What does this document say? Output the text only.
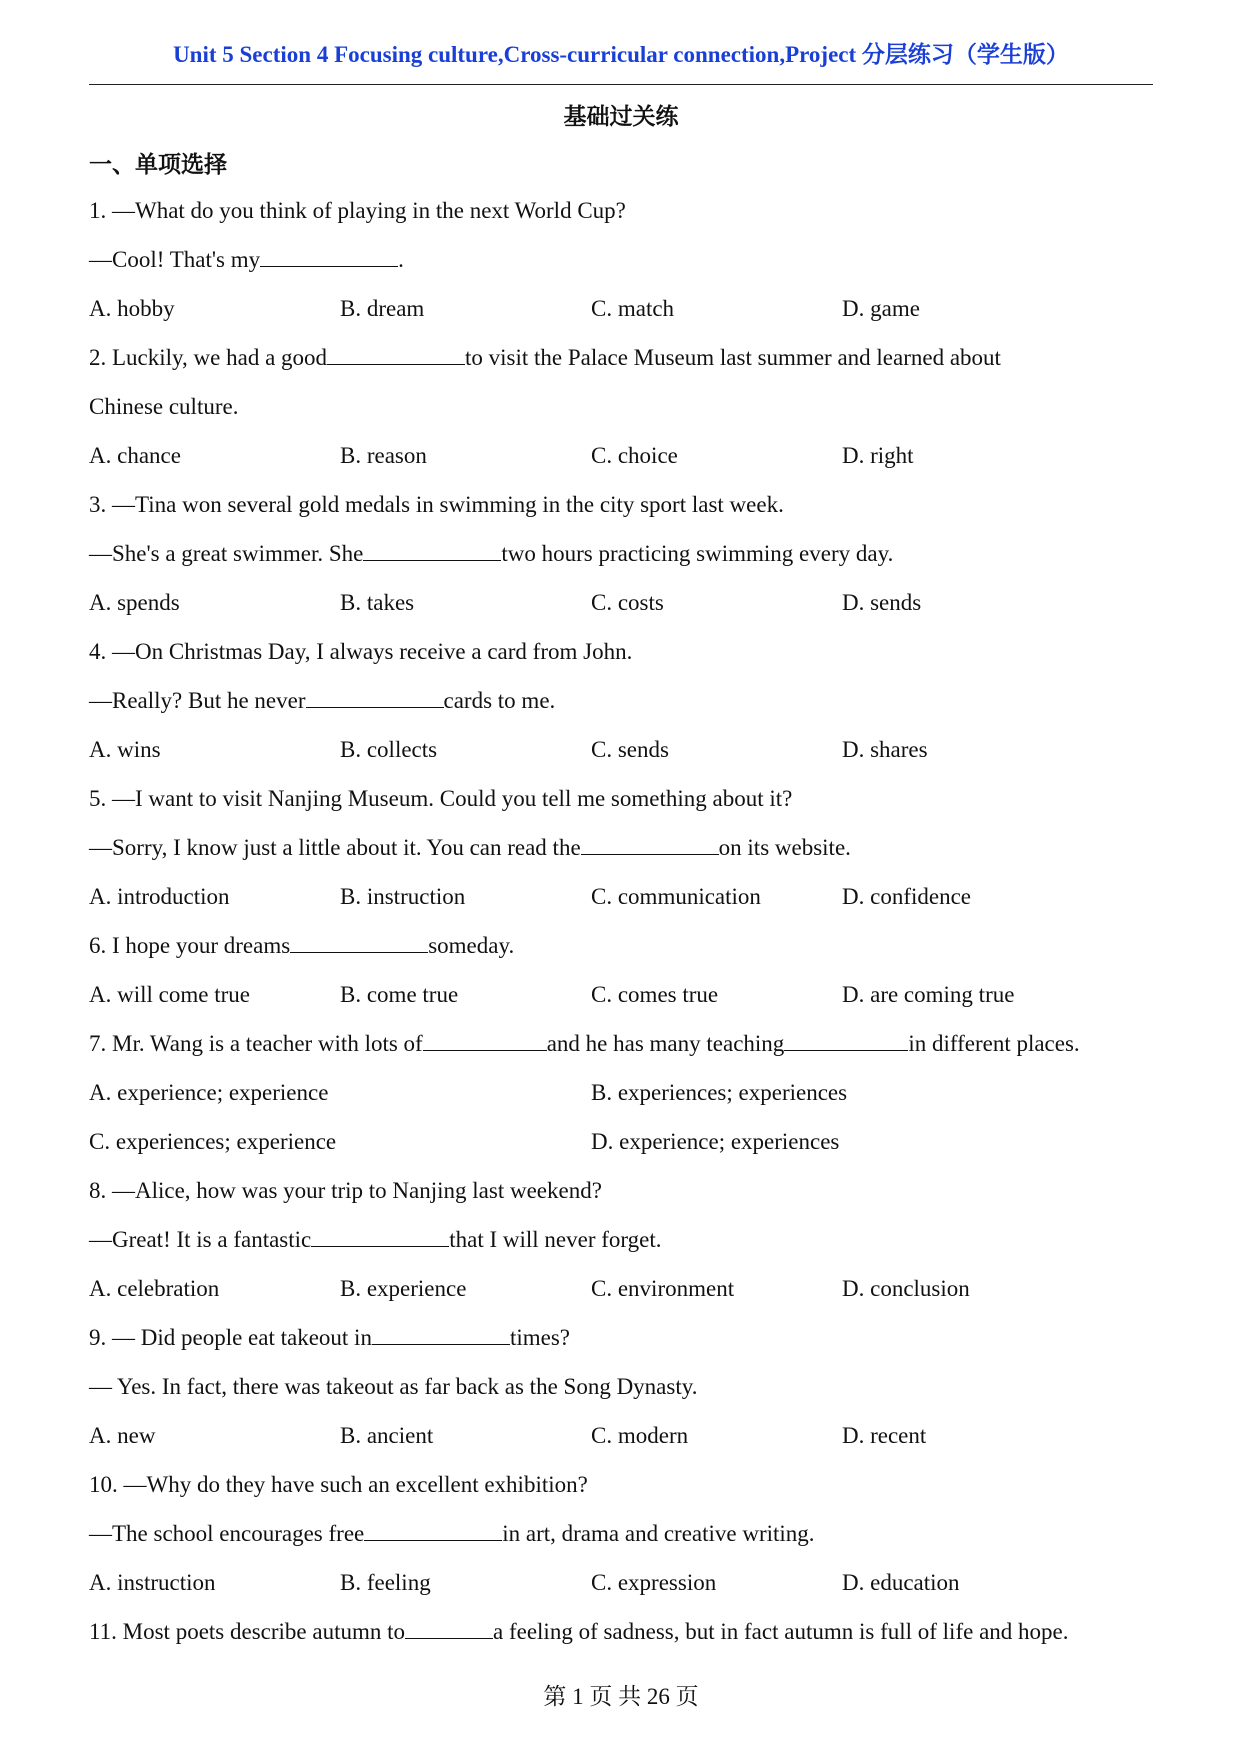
Unit 5 Section 4 Focusing culture,Cross-curricular connection,Project 分层练习（学生版）
基础过关练
一、单项选择
1. —What do you think of playing in the next World Cup?
—Cool! That's my	.
A. hobby	B. dream	C. match	D. game
2. Luckily, we had a good	to visit the Palace Museum last summer and learned about
Chinese culture.
A. chance	B. reason	C. choice	D. right
3. —Tina won several gold medals in swimming in the city sport last week.
—She's a great swimmer. She	two hours practicing swimming every day.
A. spends	B. takes	C. costs	D. sends
4. —On Christmas Day, I always receive a card from John.
—Really? But he never	cards to me.
A. wins	B. collects	C. sends	D. shares
5. —I want to visit Nanjing Museum. Could you tell me something about it?
—Sorry, I know just a little about it. You can read the	on its website.
A. introduction	B. instruction	C. communication	D. confidence
6. I hope your dreams	someday.
A. will come true	B. come true	C. comes true	D. are coming true
7. Mr. Wang is a teacher with lots of	and he has many teaching	in different places.
A. experience; experience	B. experiences; experiences
C. experiences; experience	D. experience; experiences
8. —Alice, how was your trip to Nanjing last weekend?
—Great! It is a fantastic	that I will never forget.
A. celebration	B. experience	C. environment	D. conclusion
9. — Did people eat takeout in	times?
— Yes. In fact, there was takeout as far back as the Song Dynasty.
A. new	B. ancient	C. modern	D. recent
10. —Why do they have such an excellent exhibition?
—The school encourages free	in art, drama and creative writing.
A. instruction	B. feeling	C. expression	D. education
11. Most poets describe autumn to	a feeling of sadness, but in fact autumn is full of life and hope.
第 1 页 共 26 页
